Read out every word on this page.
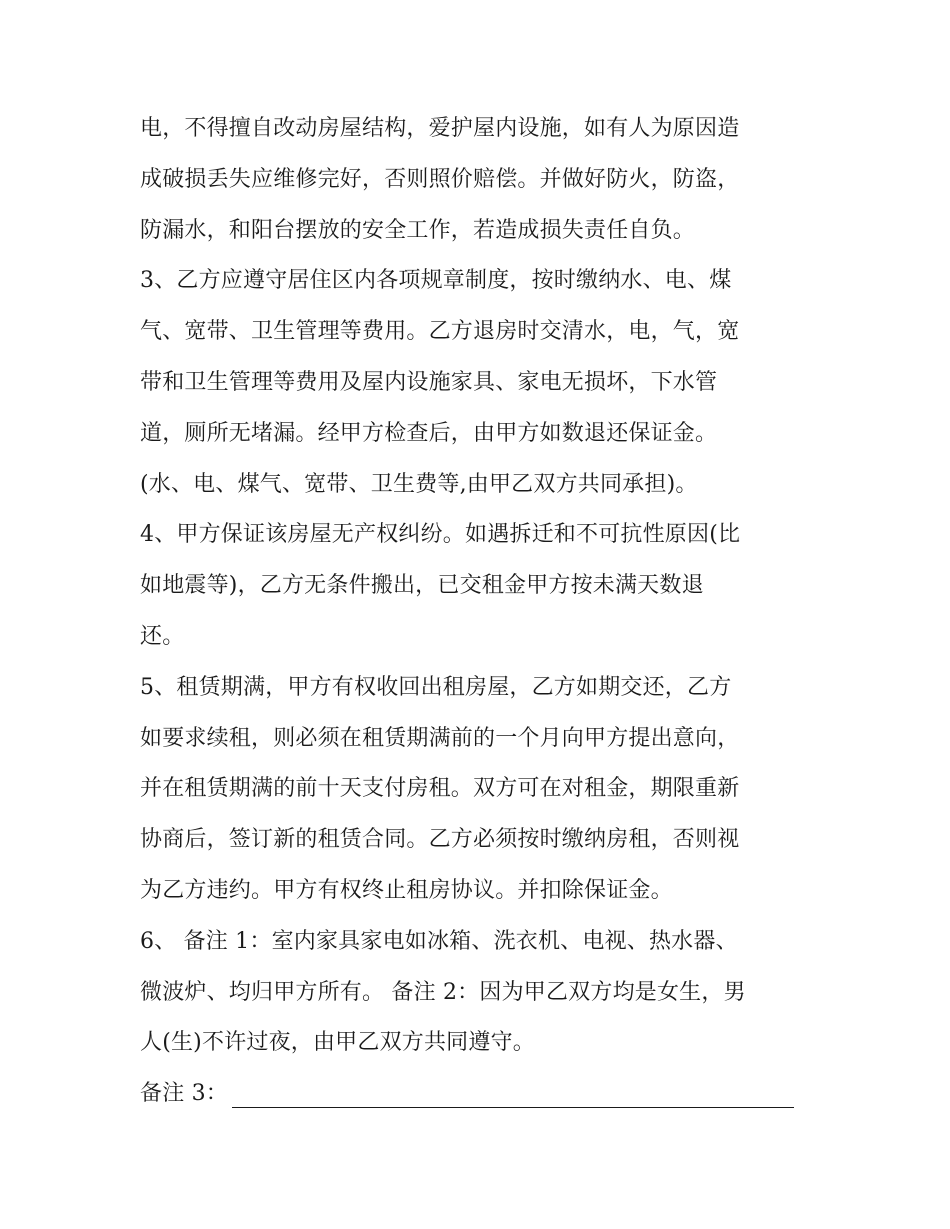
电，不得擅自改动房屋结构，爱护屋内设施，如有人为原因造
成破损丢失应维修完好，否则照价赔偿。并做好防火，防盗，
防漏水，和阳台摆放的安全工作，若造成损失责任自负。
3、乙方应遵守居住区内各项规章制度，按时缴纳水、电、煤
气、宽带、卫生管理等费用。乙方退房时交清水，电，气，宽
带和卫生管理等费用及屋内设施家具、家电无损坏，下水管
道，厕所无堵漏。经甲方检查后，由甲方如数退还保证金。
(水、电、煤气、宽带、卫生费等,由甲乙双方共同承担)。
4、甲方保证该房屋无产权纠纷。如遇拆迁和不可抗性原因(比
如地震等)，乙方无条件搬出，已交租金甲方按未满天数退
还。
5、租赁期满，甲方有权收回出租房屋，乙方如期交还，乙方
如要求续租，则必须在租赁期满前的一个月向甲方提出意向，
并在租赁期满的前十天支付房租。双方可在对租金，期限重新
协商后，签订新的租赁合同。乙方必须按时缴纳房租，否则视
为乙方违约。甲方有权终止租房协议。并扣除保证金。
6、 备注 1：室内家具家电如冰箱、洗衣机、电视、热水器、
微波炉、均归甲方所有。 备注 2：因为甲乙双方均是女生，男
人(生)不许过夜，由甲乙双方共同遵守。
备注 3：
